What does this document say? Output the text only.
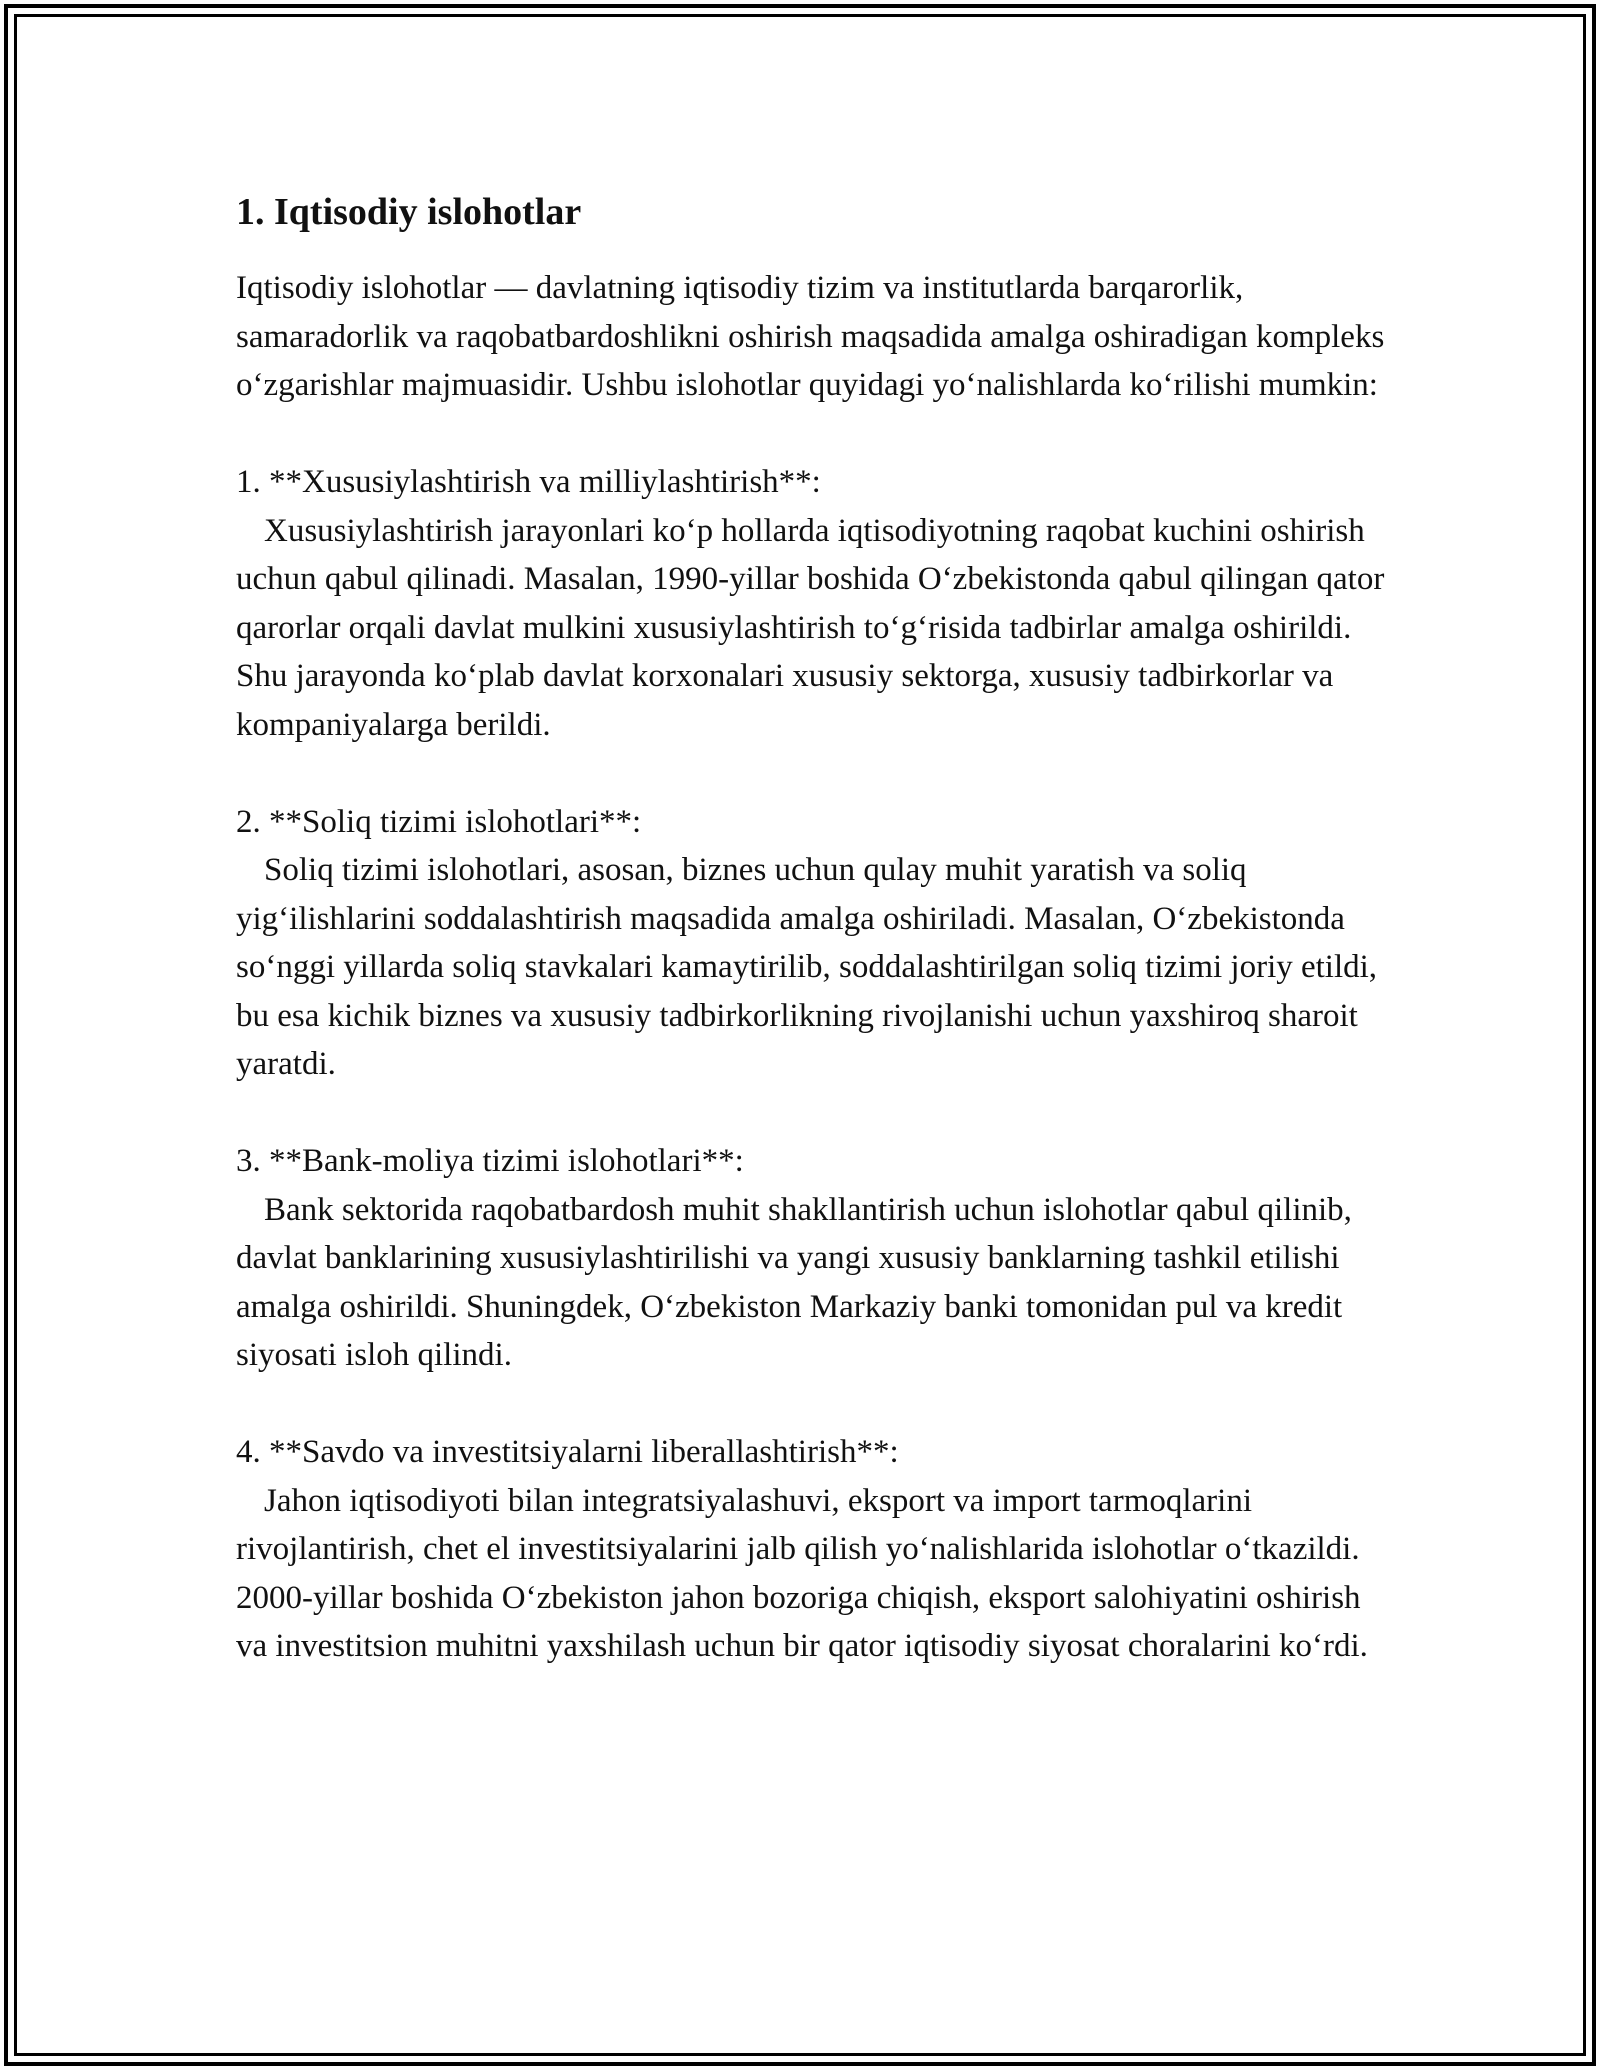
1. Iqtisodiy islohotlar

Iqtisodiy islohotlar — davlatning iqtisodiy tizim va institutlarda barqarorlik, samaradorlik va raqobatbardoshlikni oshirish maqsadida amalga oshiradigan kompleks o‘zgarishlar majmuasidir. Ushbu islohotlar quyidagi yo‘nalishlarda ko‘rilishi mumkin:

1. **Xususiylashtirish va milliylashtirish**:
Xususiylashtirish jarayonlari ko‘p hollarda iqtisodiyotning raqobat kuchini oshirish uchun qabul qilinadi. Masalan, 1990-yillar boshida O‘zbekistonda qabul qilingan qator qarorlar orqali davlat mulkini xususiylashtirish to‘g‘risida tadbirlar amalga oshirildi. Shu jarayonda ko‘plab davlat korxonalari xususiy sektorga, xususiy tadbirkorlar va kompaniyalarga berildi.
2. **Soliq tizimi islohotlari**:
Soliq tizimi islohotlari, asosan, biznes uchun qulay muhit yaratish va soliq yig‘ilishlarini soddalashtirish maqsadida amalga oshiriladi. Masalan, O‘zbekistonda so‘nggi yillarda soliq stavkalari kamaytirilib, soddalashtirilgan soliq tizimi joriy etildi, bu esa kichik biznes va xususiy tadbirkorlikning rivojlanishi uchun yaxshiroq sharoit yaratdi.
3. **Bank-moliya tizimi islohotlari**:
Bank sektorida raqobatbardosh muhit shakllantirish uchun islohotlar qabul qilinib, davlat banklarining xususiylashtirilishi va yangi xususiy banklarning tashkil etilishi amalga oshirildi. Shuningdek, O‘zbekiston Markaziy banki tomonidan pul va kredit siyosati isloh qilindi.
4. **Savdo va investitsiyalarni liberallashtirish**:
Jahon iqtisodiyoti bilan integratsiyalashuvi, eksport va import tarmoqlarini rivojlantirish, chet el investitsiyalarini jalb qilish yo‘nalishlarida islohotlar o‘tkazildi. 2000-yillar boshida O‘zbekiston jahon bozoriga chiqish, eksport salohiyatini oshirish va investitsion muhitni yaxshilash uchun bir qator iqtisodiy siyosat choralarini ko‘rdi.
